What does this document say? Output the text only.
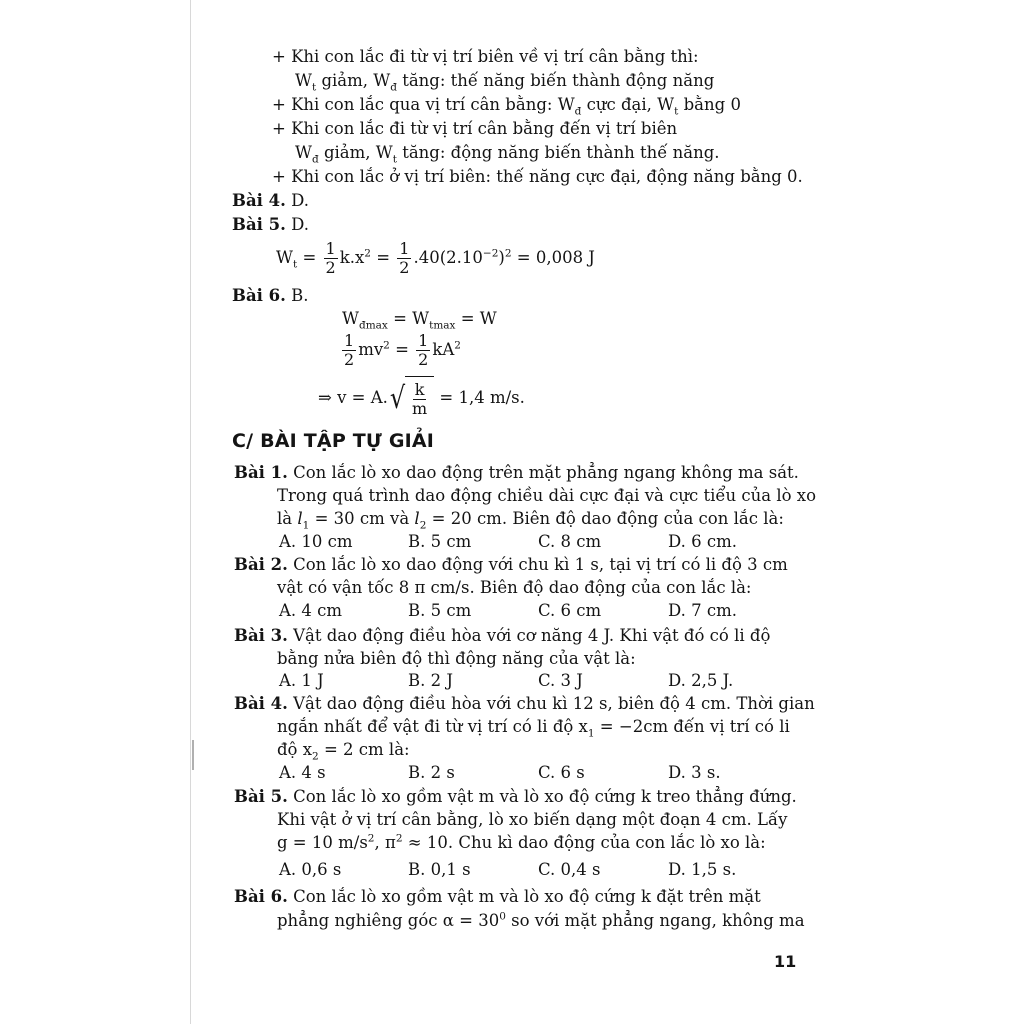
+ Khi con lắc đi từ vị trí biên về vị trí cân bằng thì:
$W_t$ giảm, $W_đ$ tăng: thế năng biến thành động năng
+ Khi con lắc qua vị trí cân bằng: $W_đ$ cực đại, $W_t$ bằng 0
+ Khi con lắc đi từ vị trí cân bằng đến vị trí biên
$W_đ$ giảm, $W_t$ tăng: động năng biến thành thế năng.
+ Khi con lắc ở vị trí biên: thế năng cực đại, động năng bằng 0.
Bài 4. D.
Bài 5. D.
$W_t = \frac{1}{2} k.x^2 = \frac{1}{2} .40(2.10^{-2})^2 = 0,008$ J
Bài 6. B.
$W_{đmax} = W_{tmax} = W$
$\frac{1}{2} mv^2 = \frac{1}{2} kA^2$
⇒ v = A. √ $\frac{k}{m} = 1,4$ m/s.
C/ BÀI TẬP TỰ GIẢI
Bài 1. Con lắc lò xo dao động trên mặt phẳng ngang không ma sát.
Trong quá trình dao động chiều dài cực đại và cực tiểu của lò xo
là $l_1 = 30$ cm và $l_2 = 20$ cm. Biên độ dao động của con lắc là:
A. 10 cm	B. 5 cm	C. 8 cm	D. 6 cm.
Bài 2. Con lắc lò xo dao động với chu kì 1 s, tại vị trí có li độ 3 cm
vật có vận tốc 8 π cm/s. Biên độ dao động của con lắc là:
A. 4 cm	B. 5 cm	C. 6 cm	D. 7 cm.
Bài 3. Vật dao động điều hòa với cơ năng 4 J. Khi vật đó có li độ
bằng nửa biên độ thì động năng của vật là:
A. 1 J	B. 2 J	C. 3 J	D. 2,5 J.
Bài 4. Vật dao động điều hòa với chu kì 12 s, biên độ 4 cm. Thời gian
ngắn nhất để vật đi từ vị trí có li độ $x_1 = -2cm$ đến vị trí có li
độ $x_2 = 2$ cm là:
A. 4 s	B. 2 s	C. 6 s	D. 3 s.
Bài 5. Con lắc lò xo gồm vật m và lò xo độ cứng k treo thẳng đứng.
Khi vật ở vị trí cân bằng, lò xo biến dạng một đoạn 4 cm. Lấy
g = 10 $m/s^2$, $\pi^2 \approx 10$. Chu kì dao động của con lắc lò xo là:
A. 0,6 s	B. 0,1 s	C. 0,4 s	D. 1,5 s.
Bài 6. Con lắc lò xo gồm vật m và lò xo độ cứng k đặt trên mặt
phẳng nghiêng góc $\alpha = 30^0$ so với mặt phẳng ngang, không ma
11
